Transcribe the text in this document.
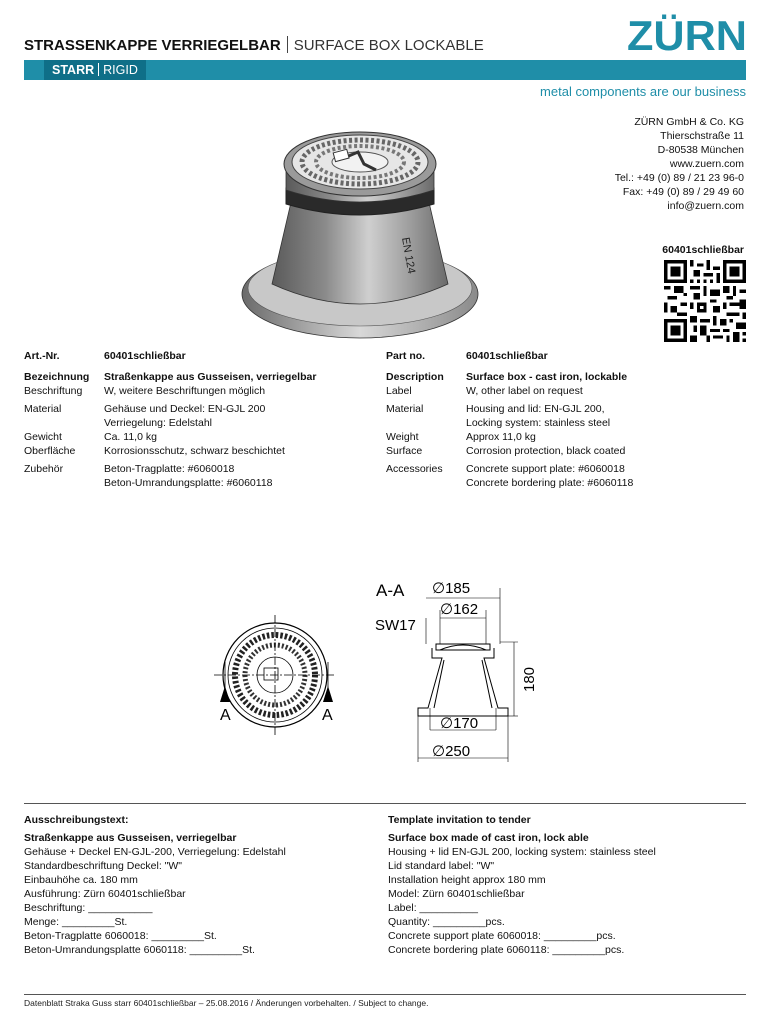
STRASSENKAPPE VERRIEGELBAR SURFACE BOX LOCKABLE	ZÜRN
STARR RIGID
metal components are our business
ZÜRN GmbH & Co. KG
Thierschstraße 11
D-80538 München
www.zuern.com
Tel.: +49 (0) 89 / 21 23 96-0
Fax: +49 (0) 89 / 29 49 60
info@zuern.com
60401schließbar
EN 124
Art.-Nr.	60401schließbar
Bezeichnung	Straßenkappe aus Gusseisen, verriegelbar
Beschriftung	W, weitere Beschriftungen möglich
Material	Gehäuse und Deckel: EN-GJL 200
Verriegelung: Edelstahl
Gewicht	Ca. 11,0 kg
Oberfläche	Korrosionsschutz, schwarz beschichtet
Zubehör	Beton-Tragplatte: #6060018
Beton-Umrandungsplatte: #6060118
Part no.	60401schließbar
Description	Surface box - cast iron, lockable
Label	W, other label on request
Material	Housing and lid: EN-GJL 200,
Locking system: stainless steel
Weight	Approx 11,0 kg
Surface	Corrosion protection, black coated
Accessories	Concrete support plate: #6060018
Concrete bordering plate: #6060118
A-A ∅185
∅162
SW17
180
∅170
∅250
A	A
Ausschreibungstext:
Straßenkappe aus Gusseisen, verriegelbar
Gehäuse + Deckel EN-GJL-200, Verriegelung: Edelstahl
Standardbeschriftung Deckel: "W"
Einbauhöhe ca. 180 mm
Ausführung: Zürn 60401schließbar
Beschriftung: ___________
Menge: _________St.
Beton-Tragplatte 6060018: _________St.
Beton-Umrandungsplatte 6060118: _________St.
Template invitation to tender
Surface box made of cast iron, lock able
Housing + lid EN-GJL 200, locking system: stainless steel
Lid standard label: "W"
Installation height approx 180 mm
Model: Zürn 60401schließbar
Label: __________
Quantity: _________pcs.
Concrete support plate 6060018: _________pcs.
Concrete bordering plate 6060118: _________pcs.
Datenblatt Straka Guss starr 60401schließbar – 25.08.2016 / Änderungen vorbehalten. / Subject to change.
